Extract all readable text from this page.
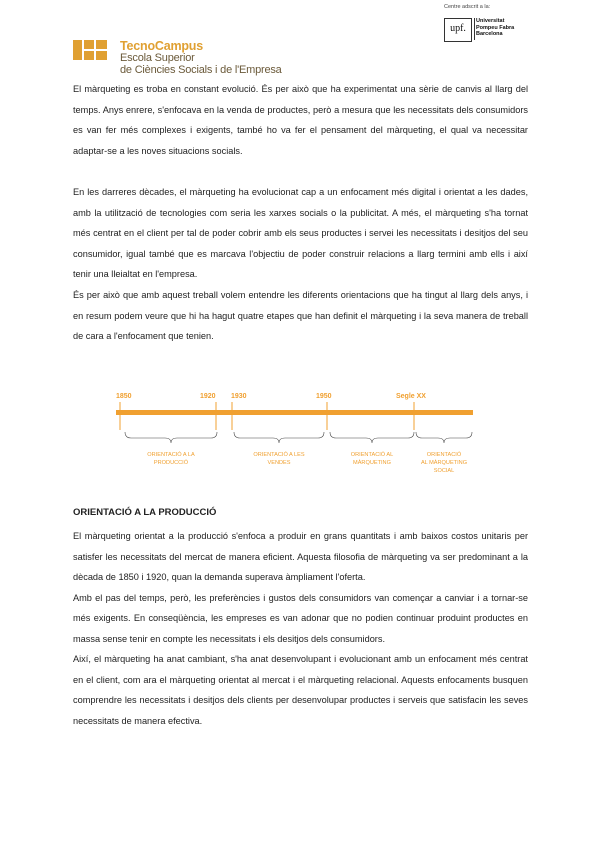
TecnoCampus
Escola Superior
de Ciències Socials i de l'Empresa
Centre adscrit a la:
upf.
Universitat
Pompeu Fabra
Barcelona

El màrqueting es troba en constant evolució. És per això que ha experimentat una sèrie de canvis al llarg del temps. Anys enrere, s'enfocava en la venda de productes, però a mesura que les necessitats dels consumidors es van fer més complexes i exigents, també ho va fer el pensament del màrqueting, el qual va necessitar adaptar-se a les noves situacions socials.

En les darreres dècades, el màrqueting ha evolucionat cap a un enfocament més digital i orientat a les dades, amb la utilització de tecnologies com seria les xarxes socials o la publicitat. A més, el màrqueting s'ha tornat més centrat en el client per tal de poder cobrir amb els seus productes i servei les necessitats i desitjos del seu consumidor, igual també que es marcava l'objectiu de poder construir relacions a llarg termini amb ells i així tenir una lleialtat en l'empresa.

És per això que amb aquest treball volem entendre les diferents orientacions que ha tingut al llarg dels anys, i en resum podem veure que hi ha hagut quatre etapes que han definit el màrqueting i la seva manera de treball de cara a l'enfocament que tenien.

1850	1920 1930	1950	Segle XX
ORIENTACIÓ A LA
PRODUCCIÓ
ORIENTACIÓ A LES
VENDES
ORIENTACIÓ AL
MÀRQUETING
ORIENTACIÓ
AL MÀRQUETING
SOCIAL
ORIENTACIÓ A LA PRODUCCIÓ
El màrqueting orientat a la producció s'enfoca a produir en grans quantitats i amb baixos costos unitaris per satisfer les necessitats del mercat de manera eficient. Aquesta filosofia de màrqueting va ser predominant a la dècada de 1850 i 1920, quan la demanda superava àmpliament l'oferta.
Amb el pas del temps, però, les preferències i gustos dels consumidors van començar a canviar i a tornar-se més exigents. En conseqüència, les empreses es van adonar que no podien continuar produint productes en massa sense tenir en compte les necessitats i els desitjos dels consumidors.
Així, el màrqueting ha anat cambiant, s'ha anat desenvolupant i evolucionant amb un enfocament més centrat en el client, com ara el màrqueting orientat al mercat i el màrqueting relacional. Aquests enfocaments busquen comprendre les necessitats i desitjos dels clients per desenvolupar productes i serveis que satisfacin les seves necessitats de manera efectiva.
